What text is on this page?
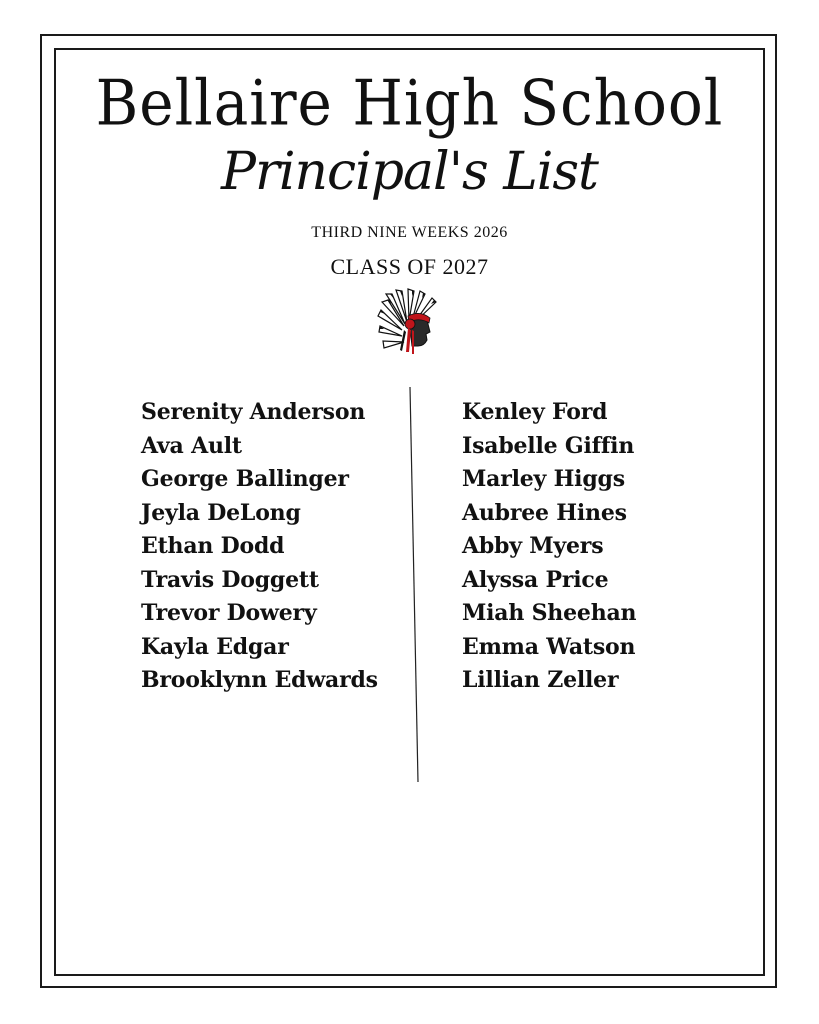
Bellaire High School
Principal's List
THIRD NINE WEEKS 2026
CLASS OF 2027
Serenity Anderson
Ava Ault
George Ballinger
Jeyla DeLong
Ethan Dodd
Travis Doggett
Trevor Dowery
Kayla Edgar
Brooklynn Edwards
Kenley Ford
Isabelle Giffin
Marley Higgs
Aubree Hines
Abby Myers
Alyssa Price
Miah Sheehan
Emma Watson
Lillian Zeller
